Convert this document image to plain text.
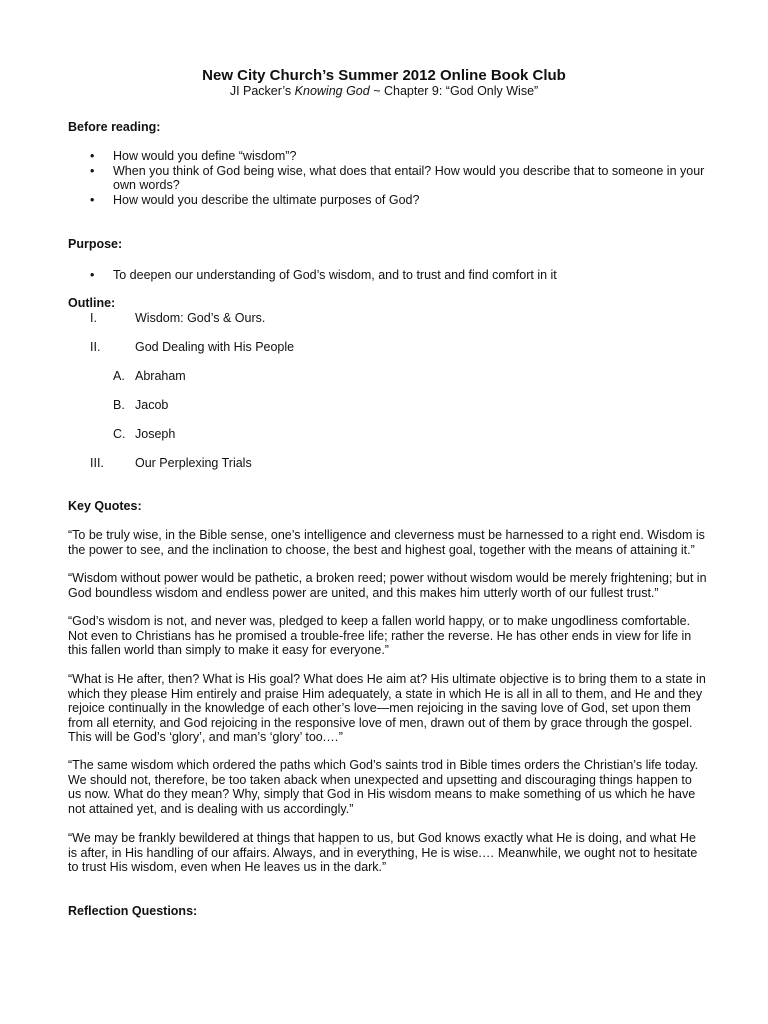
New City Church’s Summer 2012 Online Book Club
JI Packer’s Knowing God ~ Chapter 9: “God Only Wise”
Before reading:
• How would you define “wisdom”?
• When you think of God being wise, what does that entail? How would you describe that to someone in your own words?
• How would you describe the ultimate purposes of God?
Purpose:
• To deepen our understanding of God’s wisdom, and to trust and find comfort in it
Outline:
I.	Wisdom: God’s & Ours.
II.	God Dealing with His People
A. Abraham
B. Jacob
C. Joseph
III. Our Perplexing Trials
Key Quotes:

“To be truly wise, in the Bible sense, one’s intelligence and cleverness must be harnessed to a right end. Wisdom is the power to see, and the inclination to choose, the best and highest goal, together with the means of attaining it.”

“Wisdom without power would be pathetic, a broken reed; power without wisdom would be merely frightening; but in God boundless wisdom and endless power are united, and this makes him utterly worth of our fullest trust.”

“God’s wisdom is not, and never was, pledged to keep a fallen world happy, or to make ungodliness comfortable. Not even to Christians has he promised a trouble-free life; rather the reverse. He has other ends in view for life in this fallen world than simply to make it easy for everyone.”

“What is He after, then? What is His goal? What does He aim at? His ultimate objective is to bring them to a state in which they please Him entirely and praise Him adequately, a state in which He is all in all to them, and He and they rejoice continually in the knowledge of each other’s love—men rejoicing in the saving love of God, set upon them from all eternity, and God rejoicing in the responsive love of men, drawn out of them by grace through the gospel. This will be God’s ‘glory’, and man’s ‘glory’ too.…”

“The same wisdom which ordered the paths which God’s saints trod in Bible times orders the Christian’s life today. We should not, therefore, be too taken aback when unexpected and upsetting and discouraging things happen to us now. What do they mean? Why, simply that God in His wisdom means to make something of us which he have not attained yet, and is dealing with us accordingly.”

“We may be frankly bewildered at things that happen to us, but God knows exactly what He is doing, and what He is after, in His handling of our affairs. Always, and in everything, He is wise.… Meanwhile, we ought not to hesitate to trust His wisdom, even when He leaves us in the dark.”

Reflection Questions:
